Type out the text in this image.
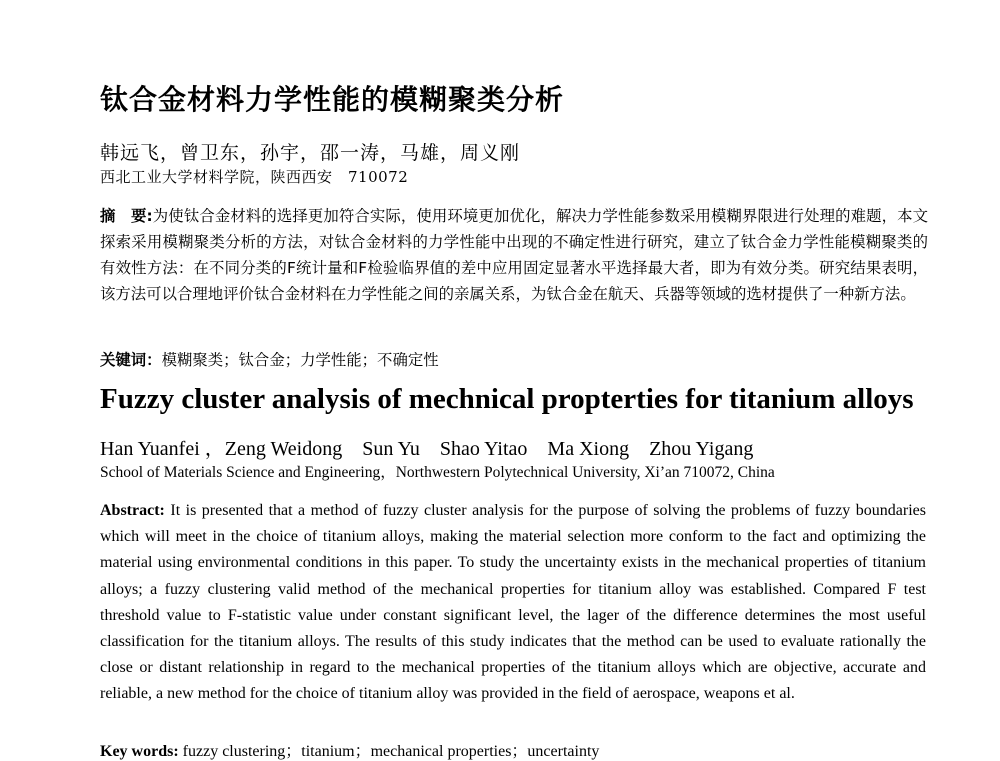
钛合金材料力学性能的模糊聚类分析
韩远飞，曾卫东，孙宇，邵一涛，马雄，周义刚
西北工业大学材料学院，陕西西安　710072

摘　要:为使钛合金材料的选择更加符合实际，使用环境更加优化，解决力学性能参数采用模糊界限进行处理的难题，本文探索采用模糊聚类分析的方法，对钛合金材料的力学性能中出现的不确定性进行研究，建立了钛合金力学性能模糊聚类的有效性方法：在不同分类的F统计量和F检验临界值的差中应用固定显著水平选择最大者，即为有效分类。研究结果表明，该方法可以合理地评价钛合金材料在力学性能之间的亲属关系，为钛合金在航天、兵器等领域的选材提供了一种新方法。

关键词：模糊聚类；钛合金；力学性能；不确定性
Fuzzy cluster analysis of mechnical propterties for titanium alloys
Han Yuanfei ，Zeng Weidong　Sun Yu　Shao Yitao　Ma Xiong　Zhou Yigang
School of Materials Science and Engineering，Northwestern Polytechnical University, Xi’an 710072, China

Abstract: It is presented that a method of fuzzy cluster analysis for the purpose of solving the problems of fuzzy boundaries which will meet in the choice of titanium alloys, making the material selection more conform to the fact and optimizing the material using environmental conditions in this paper. To study the uncertainty exists in the mechanical properties of titanium alloys; a fuzzy clustering valid method of the mechanical properties for titanium alloy was established. Compared F test threshold value to F-statistic value under constant significant level, the lager of the difference determines the most useful classification for the titanium alloys. The results of this study indicates that the method can be used to evaluate rationally the close or distant relationship in regard to the mechanical properties of the titanium alloys which are objective, accurate and reliable, a new method for the choice of titanium alloy was provided in the field of aerospace, weapons et al.

Key words: fuzzy clustering；titanium；mechanical properties；uncertainty
